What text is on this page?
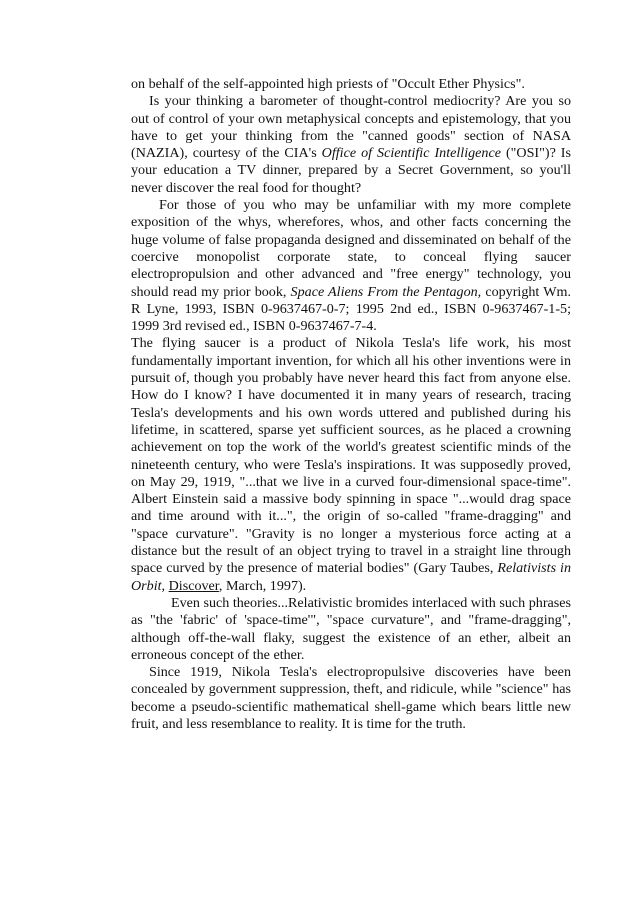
on behalf of the self-appointed high priests of "Occult Ether Physics".

Is your thinking a barometer of thought-control mediocrity? Are you so out of control of your own metaphysical concepts and epistemology, that you have to get your thinking from the "canned goods" section of NASA (NAZIA), courtesy of the CIA's Office of Scientific Intelligence ("OSI")? Is your education a TV dinner, prepared by a Secret Government, so you'll never discover the real food for thought?

For those of you who may be unfamiliar with my more complete exposition of the whys, wherefores, whos, and other facts concerning the huge volume of false propaganda designed and disseminated on behalf of the coercive monopolist corporate state, to conceal flying saucer electropropulsion and other advanced and "free energy" technology, you should read my prior book, Space Aliens From the Pentagon, copyright Wm. R Lyne, 1993, ISBN 0-9637467-0-7; 1995 2nd ed., ISBN 0-9637467-1-5; 1999 3rd revised ed., ISBN 0-9637467-7-4.

The flying saucer is a product of Nikola Tesla's life work, his most fundamentally important invention, for which all his other inventions were in pursuit of, though you probably have never heard this fact from anyone else. How do I know? I have documented it in many years of research, tracing Tesla's developments and his own words uttered and published during his lifetime, in scattered, sparse yet sufficient sources, as he placed a crowning achievement on top the work of the world's greatest scientific minds of the nineteenth century, who were Tesla's inspirations. It was supposedly proved, on May 29, 1919, "...that we live in a curved four-dimensional space-time". Albert Einstein said a massive body spinning in space "...would drag space and time around with it...", the origin of so-called "frame-dragging" and "space curvature". "Gravity is no longer a mysterious force acting at a distance but the result of an object trying to travel in a straight line through space curved by the presence of material bodies" (Gary Taubes, Relativists in Orbit, Discover, March, 1997).

Even such theories...Relativistic bromides interlaced with such phrases as "the 'fabric' of 'space-time'", "space curvature", and "frame-dragging", although off-the-wall flaky, suggest the existence of an ether, albeit an erroneous concept of the ether.

Since 1919, Nikola Tesla's electropropulsive discoveries have been concealed by government suppression, theft, and ridicule, while "science" has become a pseudo-scientific mathematical shell-game which bears little new fruit, and less resemblance to reality. It is time for the truth.
